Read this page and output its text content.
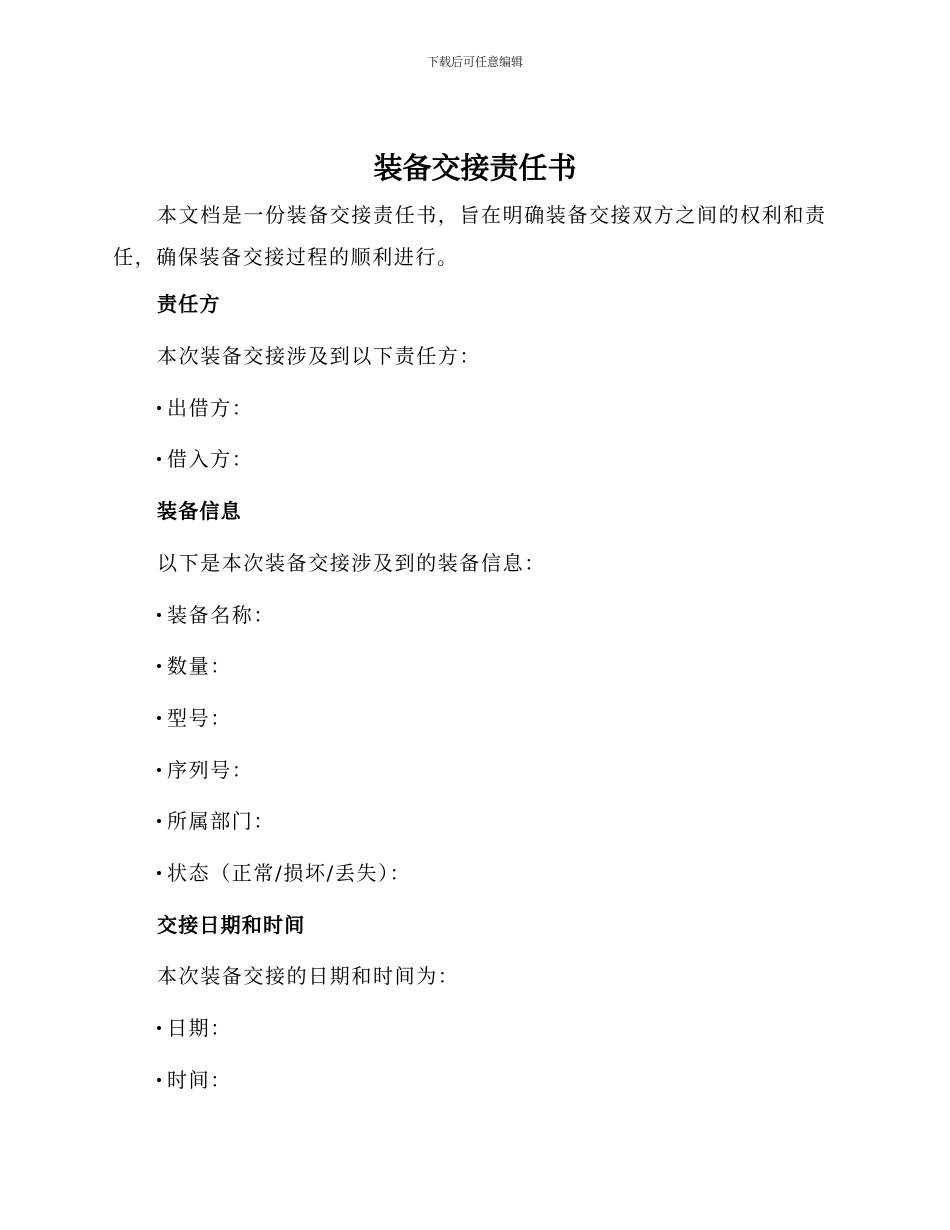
下载后可任意编辑
装备交接责任书

本文档是一份装备交接责任书，旨在明确装备交接双方之间的权利和责任，确保装备交接过程的顺利进行。

责任方
本次装备交接涉及到以下责任方：
出借方：
借入方：
装备信息
以下是本次装备交接涉及到的装备信息：
装备名称：
数量：
型号：
序列号：
所属部门：
状态（正常/损坏/丢失）：
交接日期和时间
本次装备交接的日期和时间为：
日期：
时间：
